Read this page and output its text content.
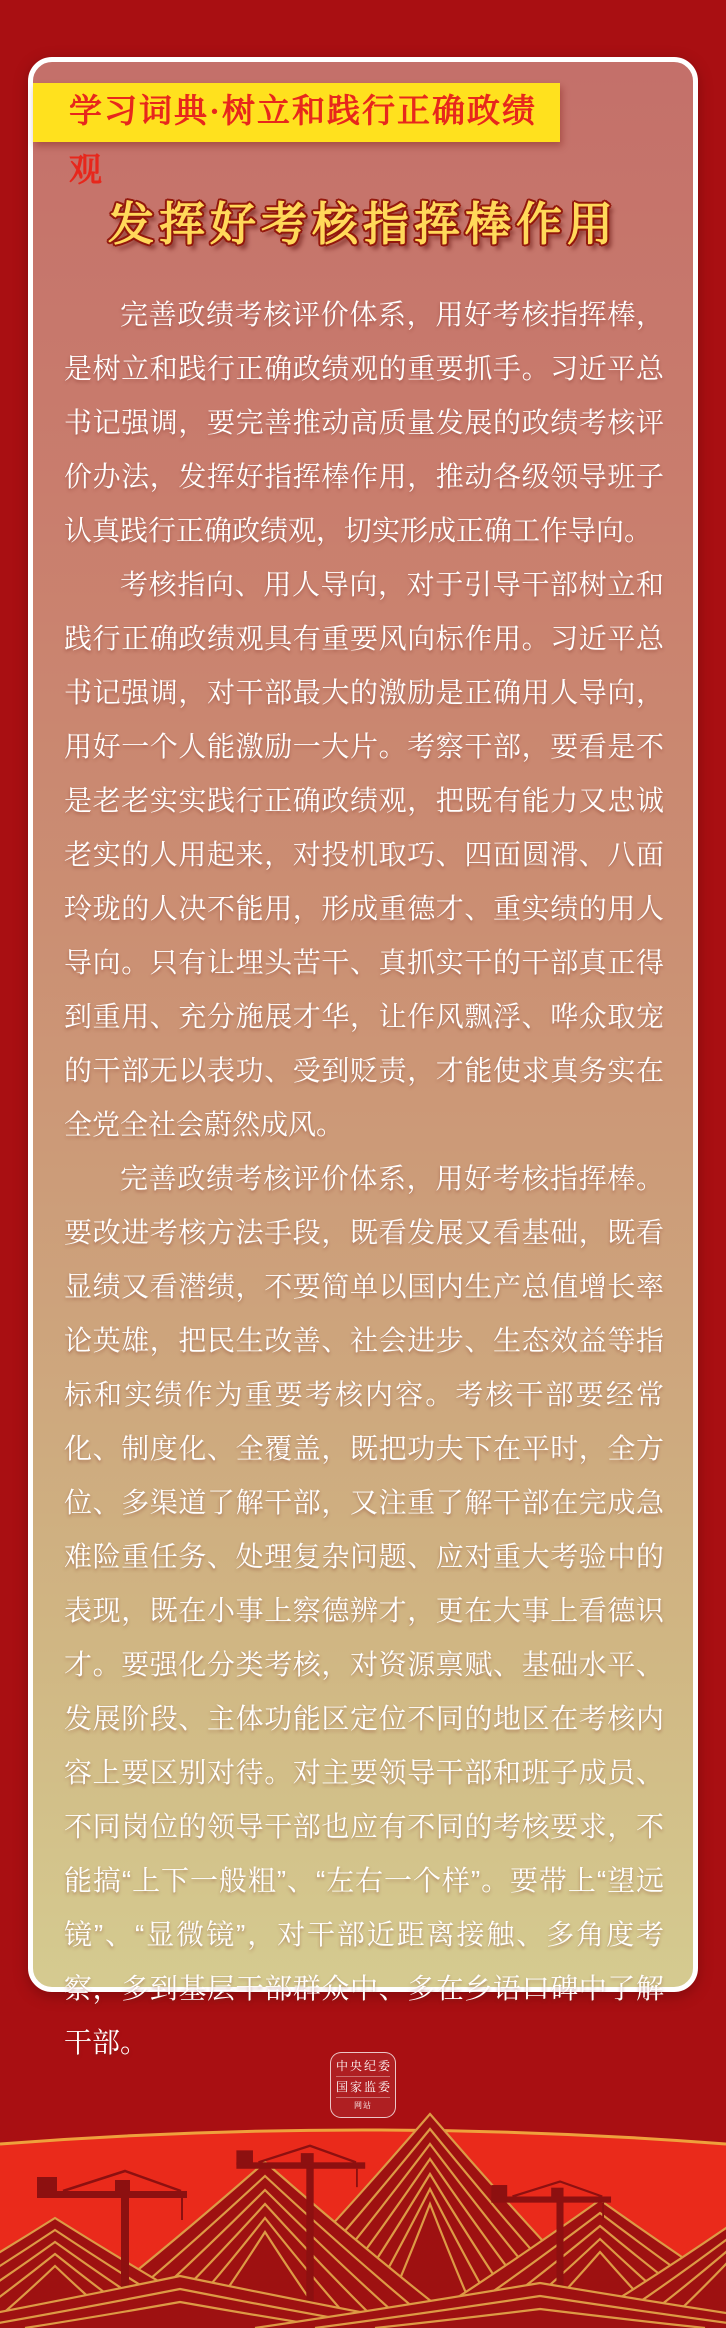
学习词典·树立和践行正确政绩观
发挥好考核指挥棒作用

完善政绩考核评价体系，用好考核指挥棒，是树立和践行正确政绩观的重要抓手。习近平总书记强调，要完善推动高质量发展的政绩考核评价办法，发挥好指挥棒作用，推动各级领导班子认真践行正确政绩观，切实形成正确工作导向。

考核指向、用人导向，对于引导干部树立和践行正确政绩观具有重要风向标作用。习近平总书记强调，对干部最大的激励是正确用人导向，用好一个人能激励一大片。考察干部，要看是不是老老实实践行正确政绩观，把既有能力又忠诚老实的人用起来，对投机取巧、四面圆滑、八面玲珑的人决不能用，形成重德才、重实绩的用人导向。只有让埋头苦干、真抓实干的干部真正得到重用、充分施展才华，让作风飘浮、哗众取宠的干部无以表功、受到贬责，才能使求真务实在全党全社会蔚然成风。

完善政绩考核评价体系，用好考核指挥棒。要改进考核方法手段，既看发展又看基础，既看显绩又看潜绩，不要简单以国内生产总值增长率论英雄，把民生改善、社会进步、生态效益等指标和实绩作为重要考核内容。考核干部要经常化、制度化、全覆盖，既把功夫下在平时，全方位、多渠道了解干部，又注重了解干部在完成急难险重任务、处理复杂问题、应对重大考验中的表现，既在小事上察德辨才，更在大事上看德识才。要强化分类考核，对资源禀赋、基础水平、发展阶段、主体功能区定位不同的地区在考核内容上要区别对待。对主要领导干部和班子成员、不同岗位的领导干部也应有不同的考核要求，不能搞“上下一般粗”、“左右一个样”。要带上“望远镜”、“显微镜”，对干部近距离接触、多角度考察，多到基层干部群众中、多在乡语口碑中了解干部。

中央纪委
国家监委
网站
